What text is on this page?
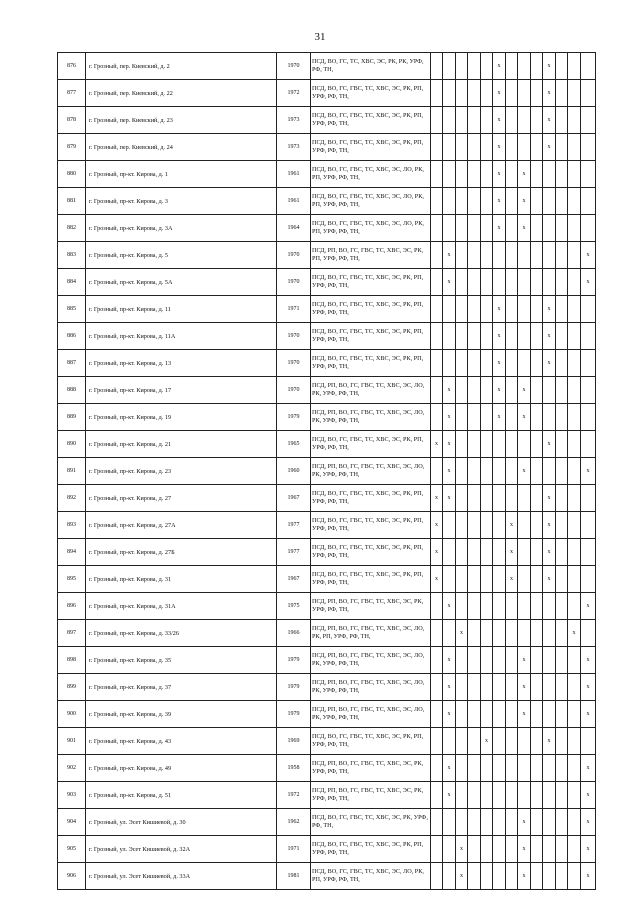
31
876	г. Грозный, пер. Киевский, д. 2	1970	ПСД, ВО, ГС, ТС, ХВС, ЭС, РК, РК, УРФ, РФ, ТН,						x				x			
877	г. Грозный, пер. Киевский, д. 22	1972	ПСД, ВО, ГС, ГВС, ТС, ХВС, ЭС, РК, РП, УРФ, РФ, ТН,						x				x			
878	г. Грозный, пер. Киевский, д. 23	1973	ПСД, ВО, ГС, ГВС, ТС, ХВС, ЭС, РК, РП, УРФ, РФ, ТН,						x				x			
879	г. Грозный, пер. Киевский, д. 24	1973	ПСД, ВО, ГС, ГВС, ТС, ХВС, ЭС, РК, РП, УРФ, РФ, ТН,						x				x			
880	г. Грозный, пр-кт. Кирова, д. 1	1961	ПСД, ВО, ГС, ГВС, ТС, ХВС, ЭС, ЛО, РК, РП, УРФ, РФ, ТН,						x		x					
881	г. Грозный, пр-кт. Кирова, д. 3	1961	ПСД, ВО, ГС, ГВС, ТС, ХВС, ЭС, ЛО, РК, РП, УРФ, РФ, ТН,						x		x					
882	г. Грозный, пр-кт. Кирова, д. 3А	1964	ПСД, ВО, ГС, ГВС, ТС, ХВС, ЭС, ЛО, РК, РП, УРФ, РФ, ТН,						x		x					
883	г. Грозный, пр-кт. Кирова, д. 5	1970	ПСД, РП, ВО, ГС, ГВС, ТС, ХВС, ЭС, РК, РП, УРФ, РФ, ТН,		x											x
884	г. Грозный, пр-кт. Кирова, д. 5А	1970	ПСД, ВО, ГС, ГВС, ТС, ХВС, ЭС, РК, РП, УРФ, РФ, ТН,		x											x
885	г. Грозный, пр-кт. Кирова, д. 11	1971	ПСД, ВО, ГС, ГВС, ТС, ХВС, ЭС, РК, РП, УРФ, РФ, ТН,						x				x			
886	г. Грозный, пр-кт. Кирова, д. 11А	1970	ПСД, ВО, ГС, ГВС, ТС, ХВС, ЭС, РК, РП, УРФ, РФ, ТН,						x				x			
887	г. Грозный, пр-кт. Кирова, д. 13	1970	ПСД, ВО, ГС, ГВС, ТС, ХВС, ЭС, РК, РП, УРФ, РФ, ТН,						x				x			
888	г. Грозный, пр-кт. Кирова, д. 17	1970	ПСД, РП, ВО, ГС, ГВС, ТС, ХВС, ЭС, ЛО, РК, УРФ, РФ, ТН,		x				x		x					
889	г. Грозный, пр-кт. Кирова, д. 19	1979	ПСД, РП, ВО, ГС, ГВС, ТС, ХВС, ЭС, ЛО, РК, УРФ, РФ, ТН,		x				x		x					
890	г. Грозный, пр-кт. Кирова, д. 21	1965	ПСД, ВО, ГС, ГВС, ТС, ХВС, ЭС, РК, РП, УРФ, РФ, ТН,	x	x								x			
891	г. Грозный, пр-кт. Кирова, д. 23	1960	ПСД, РП, ВО, ГС, ГВС, ТС, ХВС, ЭС, ЛО, РК, УРФ, РФ, ТН,		x						x					x
892	г. Грозный, пр-кт. Кирова, д. 27	1967	ПСД, ВО, ГС, ГВС, ТС, ХВС, ЭС, РК, РП, УРФ, РФ, ТН,	x	x								x			
893	г. Грозный, пр-кт. Кирова, д. 27А	1977	ПСД, ВО, ГС, ГВС, ТС, ХВС, ЭС, РК, РП, УРФ, РФ, ТН,	x						x			x			
894	г. Грозный, пр-кт. Кирова, д. 27Б	1977	ПСД, ВО, ГС, ГВС, ТС, ХВС, ЭС, РК, РП, УРФ, РФ, ТН,	x						x			x			
895	г. Грозный, пр-кт. Кирова, д. 31	1967	ПСД, ВО, ГС, ГВС, ТС, ХВС, ЭС, РК, РП, УРФ, РФ, ТН,	x						x			x			
896	г. Грозный, пр-кт. Кирова, д. 31А	1975	ПСД, РП, ВО, ГС, ГВС, ТС, ХВС, ЭС, РК, УРФ, РФ, ТН,		x											x
897	г. Грозный, пр-кт. Кирова, д. 33/26	1966	ПСД, РП, ВО, ГС, ГВС, ТС, ХВС, ЭС, ЛО, РК, РП, УРФ, РФ, ТН,			x									x	
898	г. Грозный, пр-кт. Кирова, д. 35	1979	ПСД, РП, ВО, ГС, ГВС, ТС, ХВС, ЭС, ЛО, РК, УРФ, РФ, ТН,		x						x					x
899	г. Грозный, пр-кт. Кирова, д. 37	1979	ПСД, РП, ВО, ГС, ГВС, ТС, ХВС, ЭС, ЛО, РК, УРФ, РФ, ТН,		x						x					x
900	г. Грозный, пр-кт. Кирова, д. 39	1979	ПСД, РП, ВО, ГС, ГВС, ТС, ХВС, ЭС, ЛО, РК, УРФ, РФ, ТН,		x						x					x
901	г. Грозный, пр-кт. Кирова, д. 43	1969	ПСД, ВО, ГС, ГВС, ТС, ХВС, ЭС, РК, РП, УРФ, РФ, ТН,					x					x			
902	г. Грозный, пр-кт. Кирова, д. 49	1958	ПСД, РП, ВО, ГС, ГВС, ТС, ХВС, ЭС, РК, УРФ, РФ, ТН,		x											x
903	г. Грозный, пр-кт. Кирова, д. 51	1972	ПСД, РП, ВО, ГС, ГВС, ТС, ХВС, ЭС, РК, УРФ, РФ, ТН,		x											x
904	г. Грозный, ул. Эсет Кишиевой, д. 30	1962	ПСД, ВО, ГС, ГВС, ТС, ХВС, ЭС, РК, УРФ, РФ, ТН,								x					x
905	г. Грозный, ул. Эсет Кишиевой, д. 32А	1971	ПСД, ВО, ГС, ГВС, ТС, ХВС, ЭС, РК, РП, УРФ, РФ, ТН,			x					x					x
906	г. Грозный, ул. Эсет Кишиевой, д. 33А	1981	ПСД, ВО, ГС, ГВС, ТС, ХВС, ЭС, ЛО, РК, РП, УРФ, РФ, ТН,			x					x					x
